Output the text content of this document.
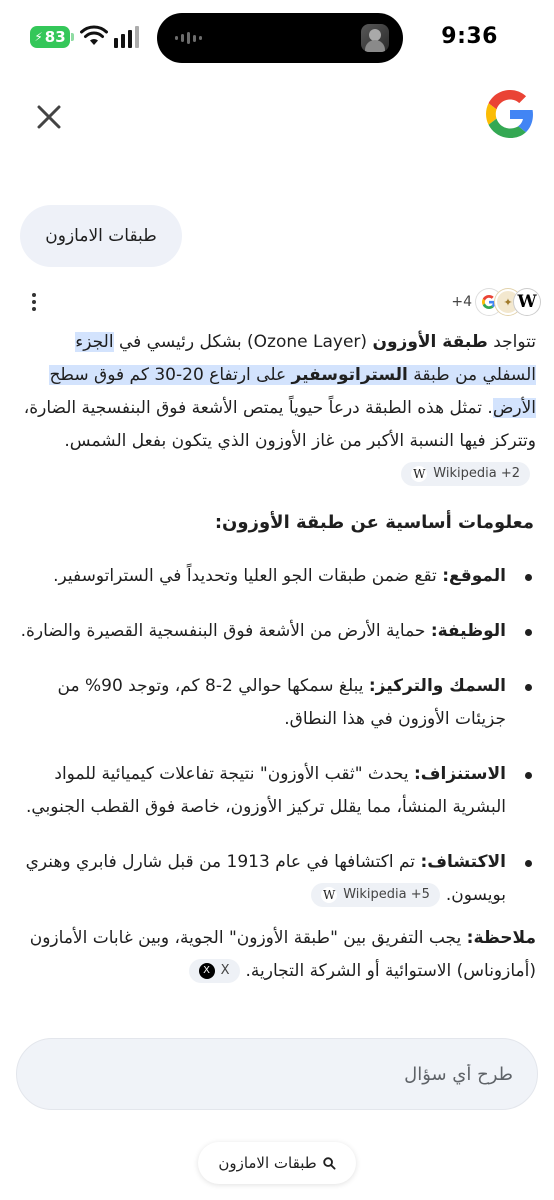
⚡ 83	9:36
طبقات الامازون
+4	✦ W
تتواجد طبقة الأوزون (Ozone Layer) بشكل رئيسي في الجزء السفلي من طبقة الستراتوسفير على ارتفاع 20-30 كم فوق سطح الأرض. تمثل هذه الطبقة درعاً حيوياً يمتص الأشعة فوق البنفسجية الضارة، وتتركز فيها النسبة الأكبر من غاز الأوزون الذي يتكون بفعل الشمس.
W Wikipedia +2
معلومات أساسية عن طبقة الأوزون:
الموقع: تقع ضمن طبقات الجو العليا وتحديداً في الستراتوسفير.
الوظيفة: حماية الأرض من الأشعة فوق البنفسجية القصيرة والضارة.
السمك والتركيز: يبلغ سمكها حوالي 2-8 كم، وتوجد 90% من جزيئات الأوزون في هذا النطاق.
الاستنزاف: يحدث "ثقب الأوزون" نتيجة تفاعلات كيميائية للمواد البشرية المنشأ، مما يقلل تركيز الأوزون، خاصة فوق القطب الجنوبي.
الاكتشاف: تم اكتشافها في عام 1913 من قبل شارل فابري وهنري بويسون.
W Wikipedia +5
ملاحظة: يجب التفريق بين "طبقة الأوزون" الجوية، وبين غابات الأمازون (أمازوناس) الاستوائية أو الشركة التجارية.
X X
طرح أي سؤال
طبقات الامازون
